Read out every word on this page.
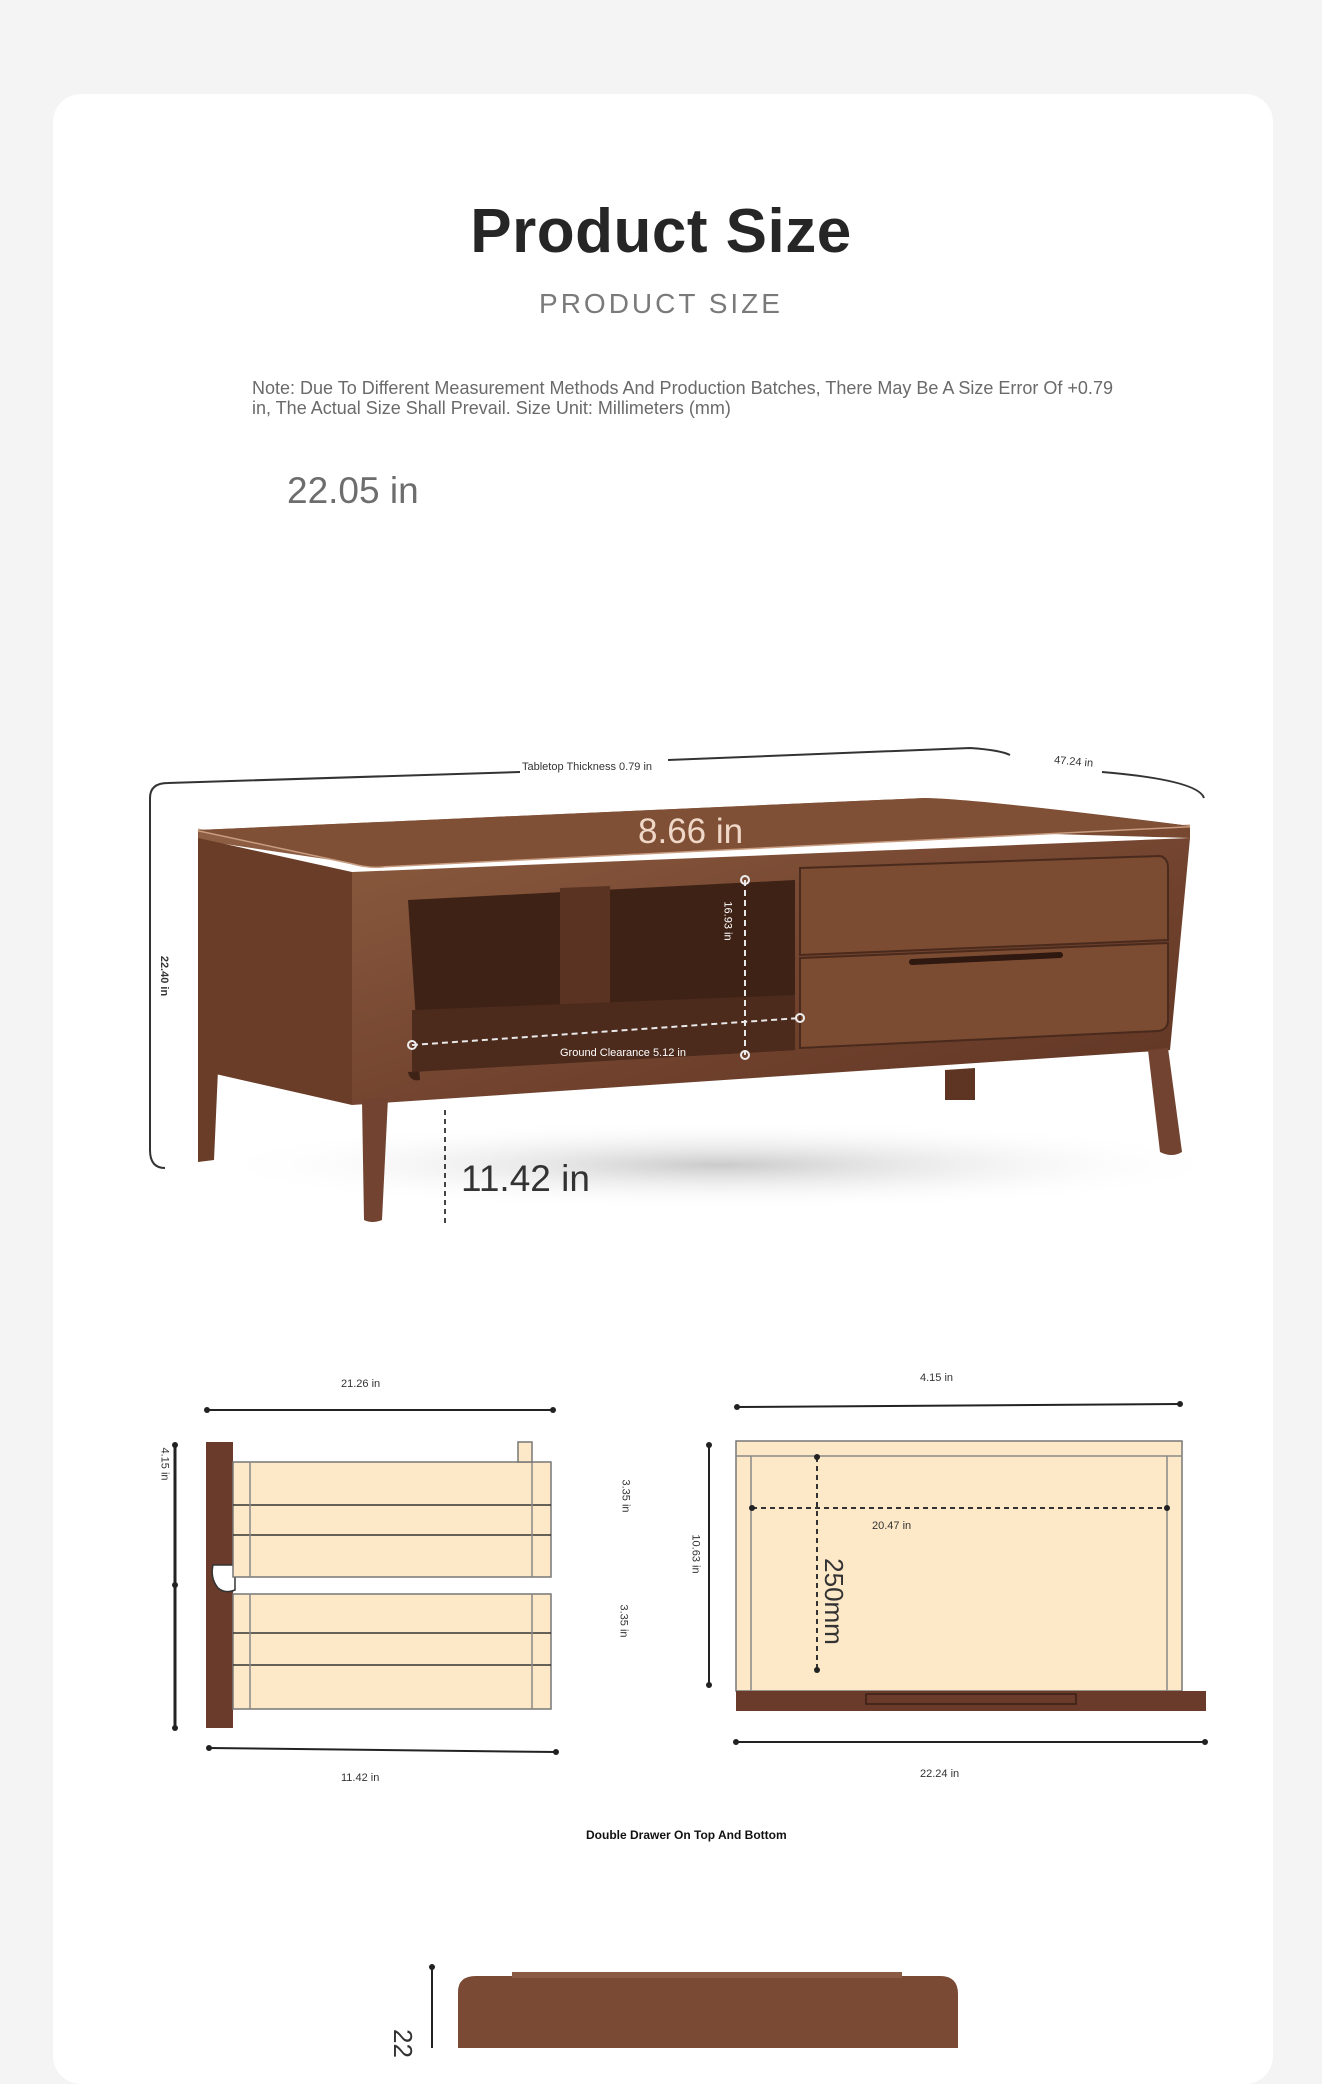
Product Size
PRODUCT SIZE
Note: Due To Different Measurement Methods And Production Batches, There May Be A Size Error Of +0.79 in, The Actual Size Shall Prevail. Size Unit: Millimeters (mm)
22.05 in
Tabletop Thickness 0.79 in	47.24 in
22.40 in
8.66 in
16.93 in
Ground Clearance 5.12 in
11.42 in
21.26 in
4.15 in
3.35 in
3.35 in
11.42 in
4.15 in
10.63 in
20.47 in
250mm
22.24 in
Double Drawer On Top And Bottom
22
